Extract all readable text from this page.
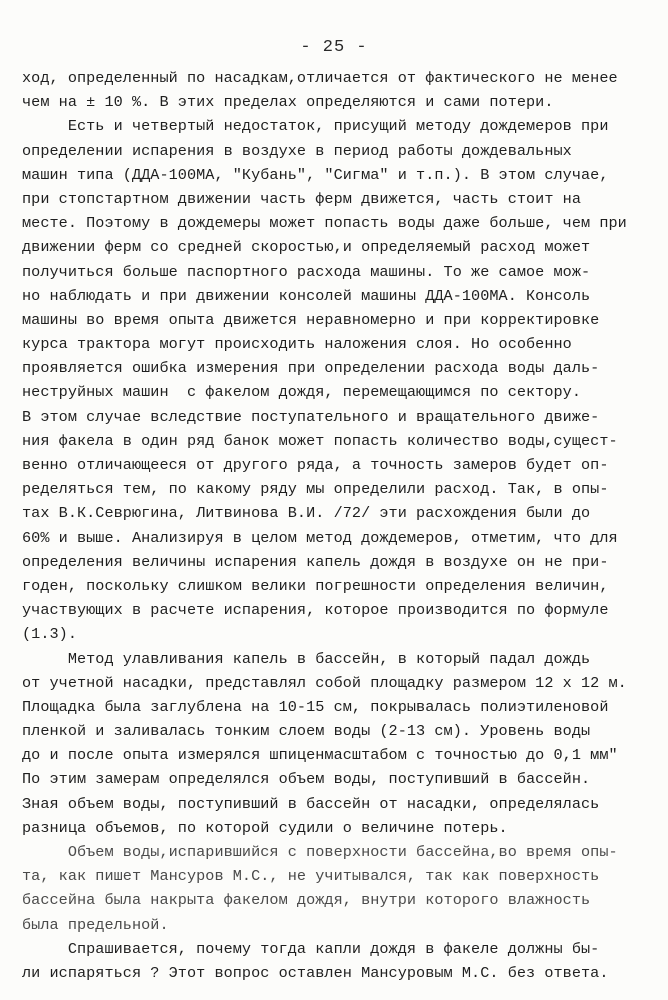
- 25 -
ход, определенный по насадкам,отличается от фактического не менее
чем на ± 10 %. В этих пределах определяются и сами потери.
Есть и четвертый недостаток, присущий методу дождемеров при
определении испарения в воздухе в период работы дождевальных
машин типа (ДДА-100МА, "Кубань", "Сигма" и т.п.). В этом случае,
при стопстартном движении часть ферм движется, часть стоит на
месте. Поэтому в дождемеры может попасть воды даже больше, чем при
движении ферм со средней скоростью,и определяемый расход может
получиться больше паспортного расхода машины. То же самое мож-
но наблюдать и при движении консолей машины ДДА-100МА. Консоль
машины во время опыта движется неравномерно и при корректировке
курса трактора могут происходить наложения слоя. Но особенно
проявляется ошибка измерения при определении расхода воды даль-
неструйных машин  с факелом дождя, перемещающимся по сектору.
В этом случае вследствие поступательного и вращательного движе-
ния факела в один ряд банок может попасть количество воды,сущест-
венно отличающееся от другого ряда, а точность замеров будет оп-
ределяться тем, по какому ряду мы определили расход. Так, в опы-
тах В.К.Севрюгина, Литвинова В.И. /72/ эти расхождения были до
60% и выше. Анализируя в целом метод дождемеров, отметим, что для
определения величины испарения капель дождя в воздухе он не при-
годен, поскольку слишком велики погрешности определения величин,
участвующих в расчете испарения, которое производится по формуле
(1.3).
Метод улавливания капель в бассейн, в который падал дождь
от учетной насадки, представлял собой площадку размером 12 х 12 м.
Площадка была заглублена на 10-15 см, покрывалась полиэтиленовой
пленкой и заливалась тонким слоем воды (2-13 см). Уровень воды
до и после опыта измерялся шпиценмасштабом с точностью до 0,1 мм"
По этим замерам определялся объем воды, поступивший в бассейн.
Зная объем воды, поступивший в бассейн от насадки, определялась
разница объемов, по которой судили о величине потерь.
Объем воды,испарившийся с поверхности бассейна,во время опы-
та, как пишет Мансуров М.С., не учитывался, так как поверхность
бассейна была накрыта факелом дождя, внутри которого влажность
была предельной.
Спрашивается, почему тогда капли дождя в факеле должны бы-
ли испаряться ? Этот вопрос оставлен Мансуровым М.С. без ответа.
